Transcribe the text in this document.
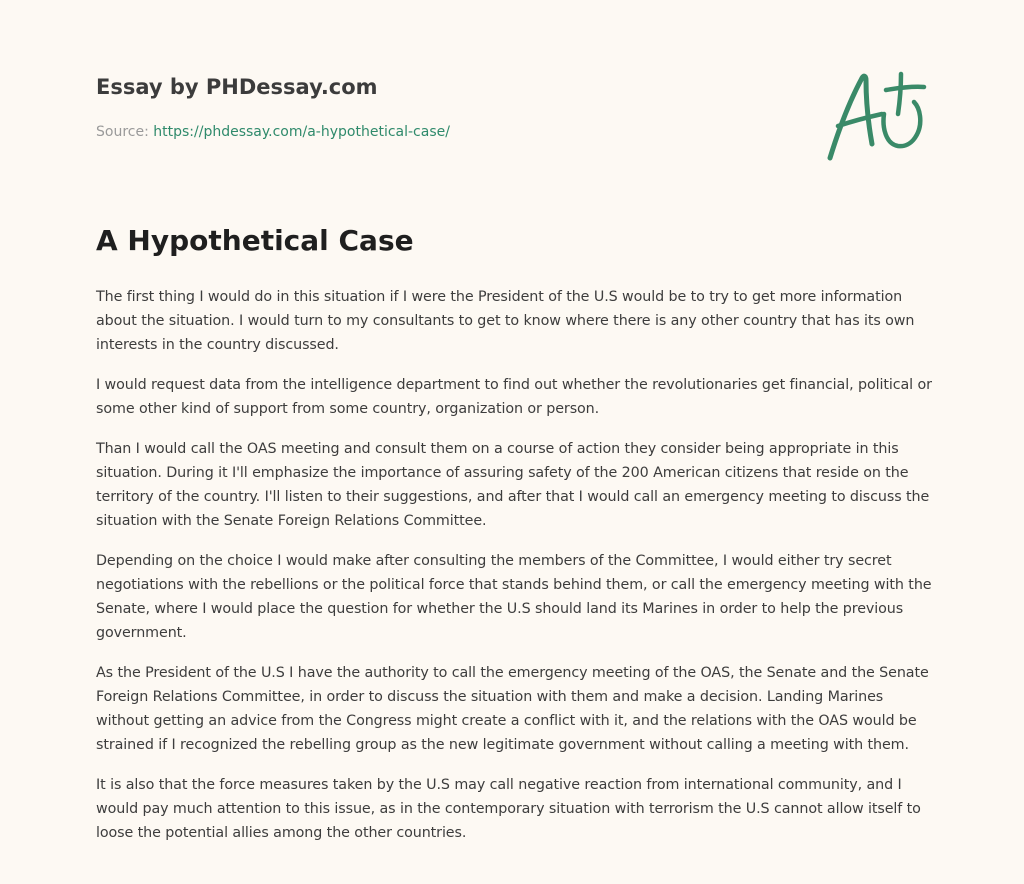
Essay by PHDessay.com
Source: https://phdessay.com/a-hypothetical-case/
A Hypothetical Case

The first thing I would do in this situation if I were the President of the U.S would be to try to get more information about the situation. I would turn to my consultants to get to know where there is any other country that has its own interests in the country discussed.

I would request data from the intelligence department to find out whether the revolutionaries get financial, political or some other kind of support from some country, organization or person.

Than I would call the OAS meeting and consult them on a course of action they consider being appropriate in this situation. During it I'll emphasize the importance of assuring safety of the 200 American citizens that reside on the territory of the country. I'll listen to their suggestions, and after that I would call an emergency meeting to discuss the situation with the Senate Foreign Relations Committee.

Depending on the choice I would make after consulting the members of the Committee, I would either try secret negotiations with the rebellions or the political force that stands behind them, or call the emergency meeting with the Senate, where I would place the question for whether the U.S should land its Marines in order to help the previous government.

As the President of the U.S I have the authority to call the emergency meeting of the OAS, the Senate and the Senate Foreign Relations Committee, in order to discuss the situation with them and make a decision. Landing Marines without getting an advice from the Congress might create a conflict with it, and the relations with the OAS would be strained if I recognized the rebelling group as the new legitimate government without calling a meeting with them.

It is also that the force measures taken by the U.S may call negative reaction from international community, and I would pay much attention to this issue, as in the contemporary situation with terrorism the U.S cannot allow itself to loose the potential allies among the other countries.
